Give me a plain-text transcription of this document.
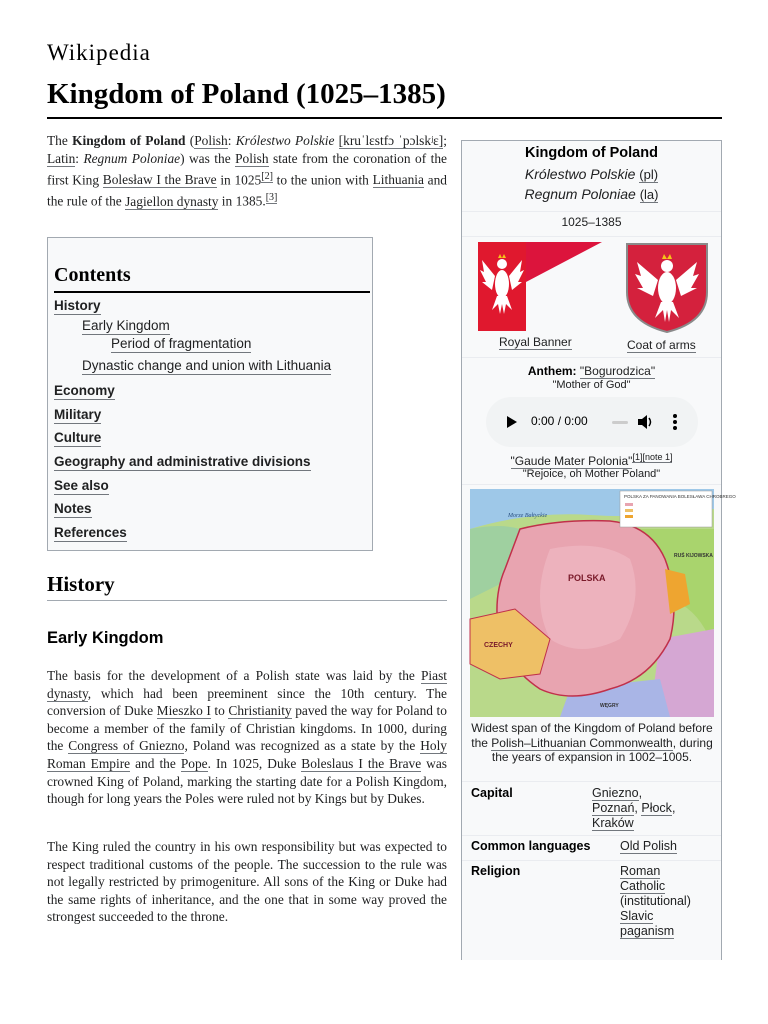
Wikipedia
Kingdom of Poland (1025–1385)
The Kingdom of Poland (Polish: Królestwo Polskie [kruˈlɛstfɔ ˈpɔlskʲɛ]; Latin: Regnum Poloniae) was the Polish state from the coronation of the first King Bolesław I the Brave in 1025[2] to the union with Lithuania and the rule of the Jagiellon dynasty in 1385.[3]
Contents
History
Early Kingdom
Period of fragmentation
Dynastic change and union with Lithuania
Economy
Military
Culture
Geography and administrative divisions
See also
Notes
References
History
Early Kingdom

The basis for the development of a Polish state was laid by the Piast dynasty, which had been preeminent since the 10th century. The conversion of Duke Mieszko I to Christianity paved the way for Poland to become a member of the family of Christian kingdoms. In 1000, during the Congress of Gniezno, Poland was recognized as a state by the Holy Roman Empire and the Pope. In 1025, Duke Boleslaus I the Brave was crowned King of Poland, marking the starting date for a Polish Kingdom, though for long years the Poles were ruled not by Kings but by Dukes.

The King ruled the country in his own responsibility but was expected to respect traditional customs of the people. The succession to the rule was not legally restricted by primogeniture. All sons of the King or Duke had the same rights of inheritance, and the one that in some way proved the strongest succeeded to the throne.

Kingdom of Poland
Królestwo Polskie (pl)
Regnum Poloniae (la)
1025–1385
Royal Banner	Coat of arms
Anthem: "Bogurodzica"
"Mother of God"
0:00 / 0:00
"Gaude Mater Polonia"[1][note 1]
"Rejoice, oh Mother Poland"
POLSKA ZA PANOWANIA BOLESŁAWA CHROBREGO
Morze Bałtyckie
POLSKA
CZECHY
RUŚ KIJOWSKA
WĘGRY
Widest span of the Kingdom of Poland before the Polish–Lithuanian Commonwealth, during the years of expansion in 1002–1005.
Capital	Gniezno,
Poznań, Płock,
Kraków
Common languages Old Polish
Religion	Roman Catholic
(institutional)
Slavic paganism
